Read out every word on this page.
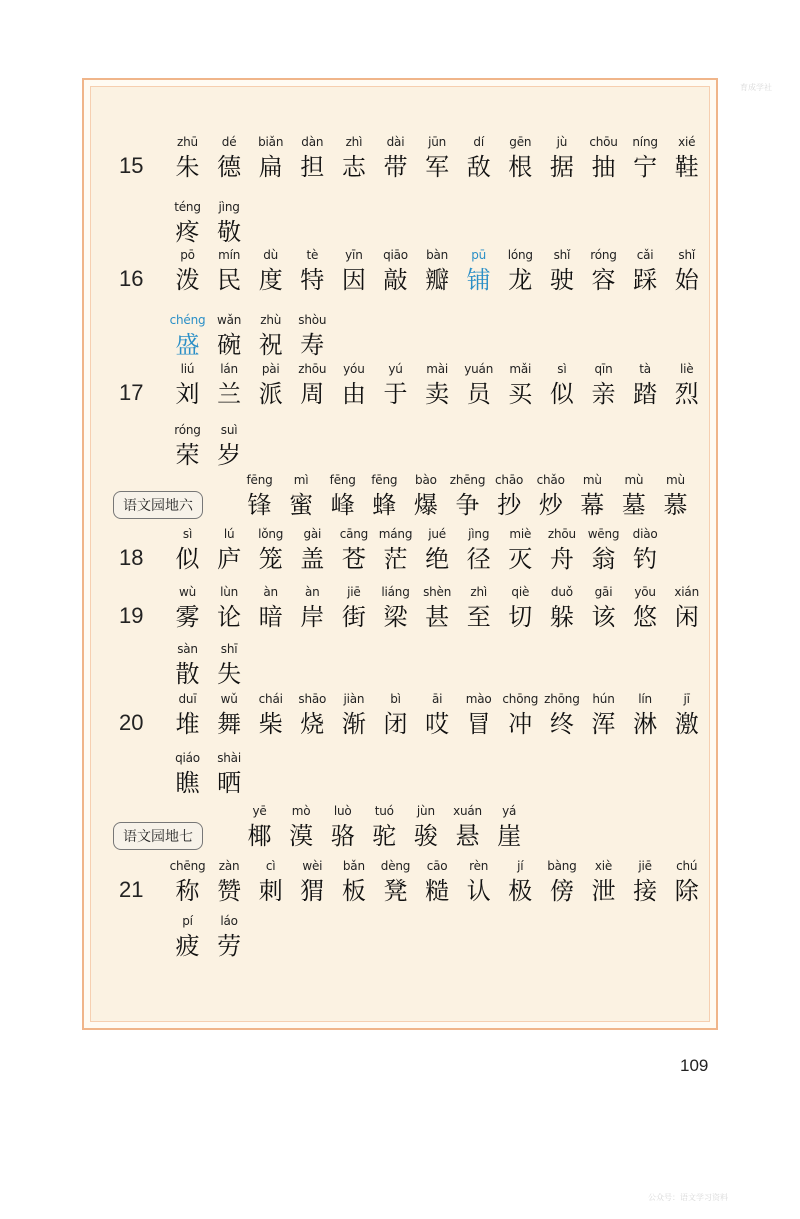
育成学社
zhū
朱
dé
德
biǎn
扁
dàn
担
zhì
志
dài
带
jūn
军
dí
敌
gēn
根
jù
据
chōu
抽
níng
宁
xié
鞋
15
téng
疼
jìng
敬
pō
泼
mín
民
dù
度
tè
特
yīn
因
qiāo
敲
bàn
瓣
pū
铺
lóng
龙
shǐ
驶
róng
容
cǎi
踩
shǐ
始
16
chéng
盛
wǎn
碗
zhù
祝
shòu
寿
liú
刘
lán
兰
pài
派
zhōu
周
yóu
由
yú
于
mài
卖
yuán
员
mǎi
买
sì
似
qīn
亲
tà
踏
liè
烈
17
róng
荣
suì
岁
fēng
锋
mì
蜜
fēng
峰
fēng
蜂
bào
爆
zhēng
争
chāo
抄
chǎo
炒
mù
幕
mù
墓
mù
慕
语文园地六
sì
似
lú
庐
lǒng
笼
gài
盖
cāng
苍
máng
茫
jué
绝
jìng
径
miè
灭
zhōu
舟
wēng
翁
diào
钓
18
wù
雾
lùn
论
àn
暗
àn
岸
jiē
街
liáng
梁
shèn
甚
zhì
至
qiè
切
duǒ
躲
gāi
该
yōu
悠
xián
闲
19
sàn
散
shī
失
duī
堆
wǔ
舞
chái
柴
shāo
烧
jiàn
渐
bì
闭
āi
哎
mào
冒
chōng
冲
zhōng
终
hún
浑
lín
淋
jī
激
20
qiáo
瞧
shài
晒
yē
椰
mò
漠
luò
骆
tuó
驼
jùn
骏
xuán
悬
yá
崖
语文园地七
chēng
称
zàn
赞
cì
刺
wèi
猬
bǎn
板
dèng
凳
cāo
糙
rèn
认
jí
极
bàng
傍
xiè
泄
jiē
接
chú
除
21
pí
疲
láo
劳
109
公众号：语文学习资料
